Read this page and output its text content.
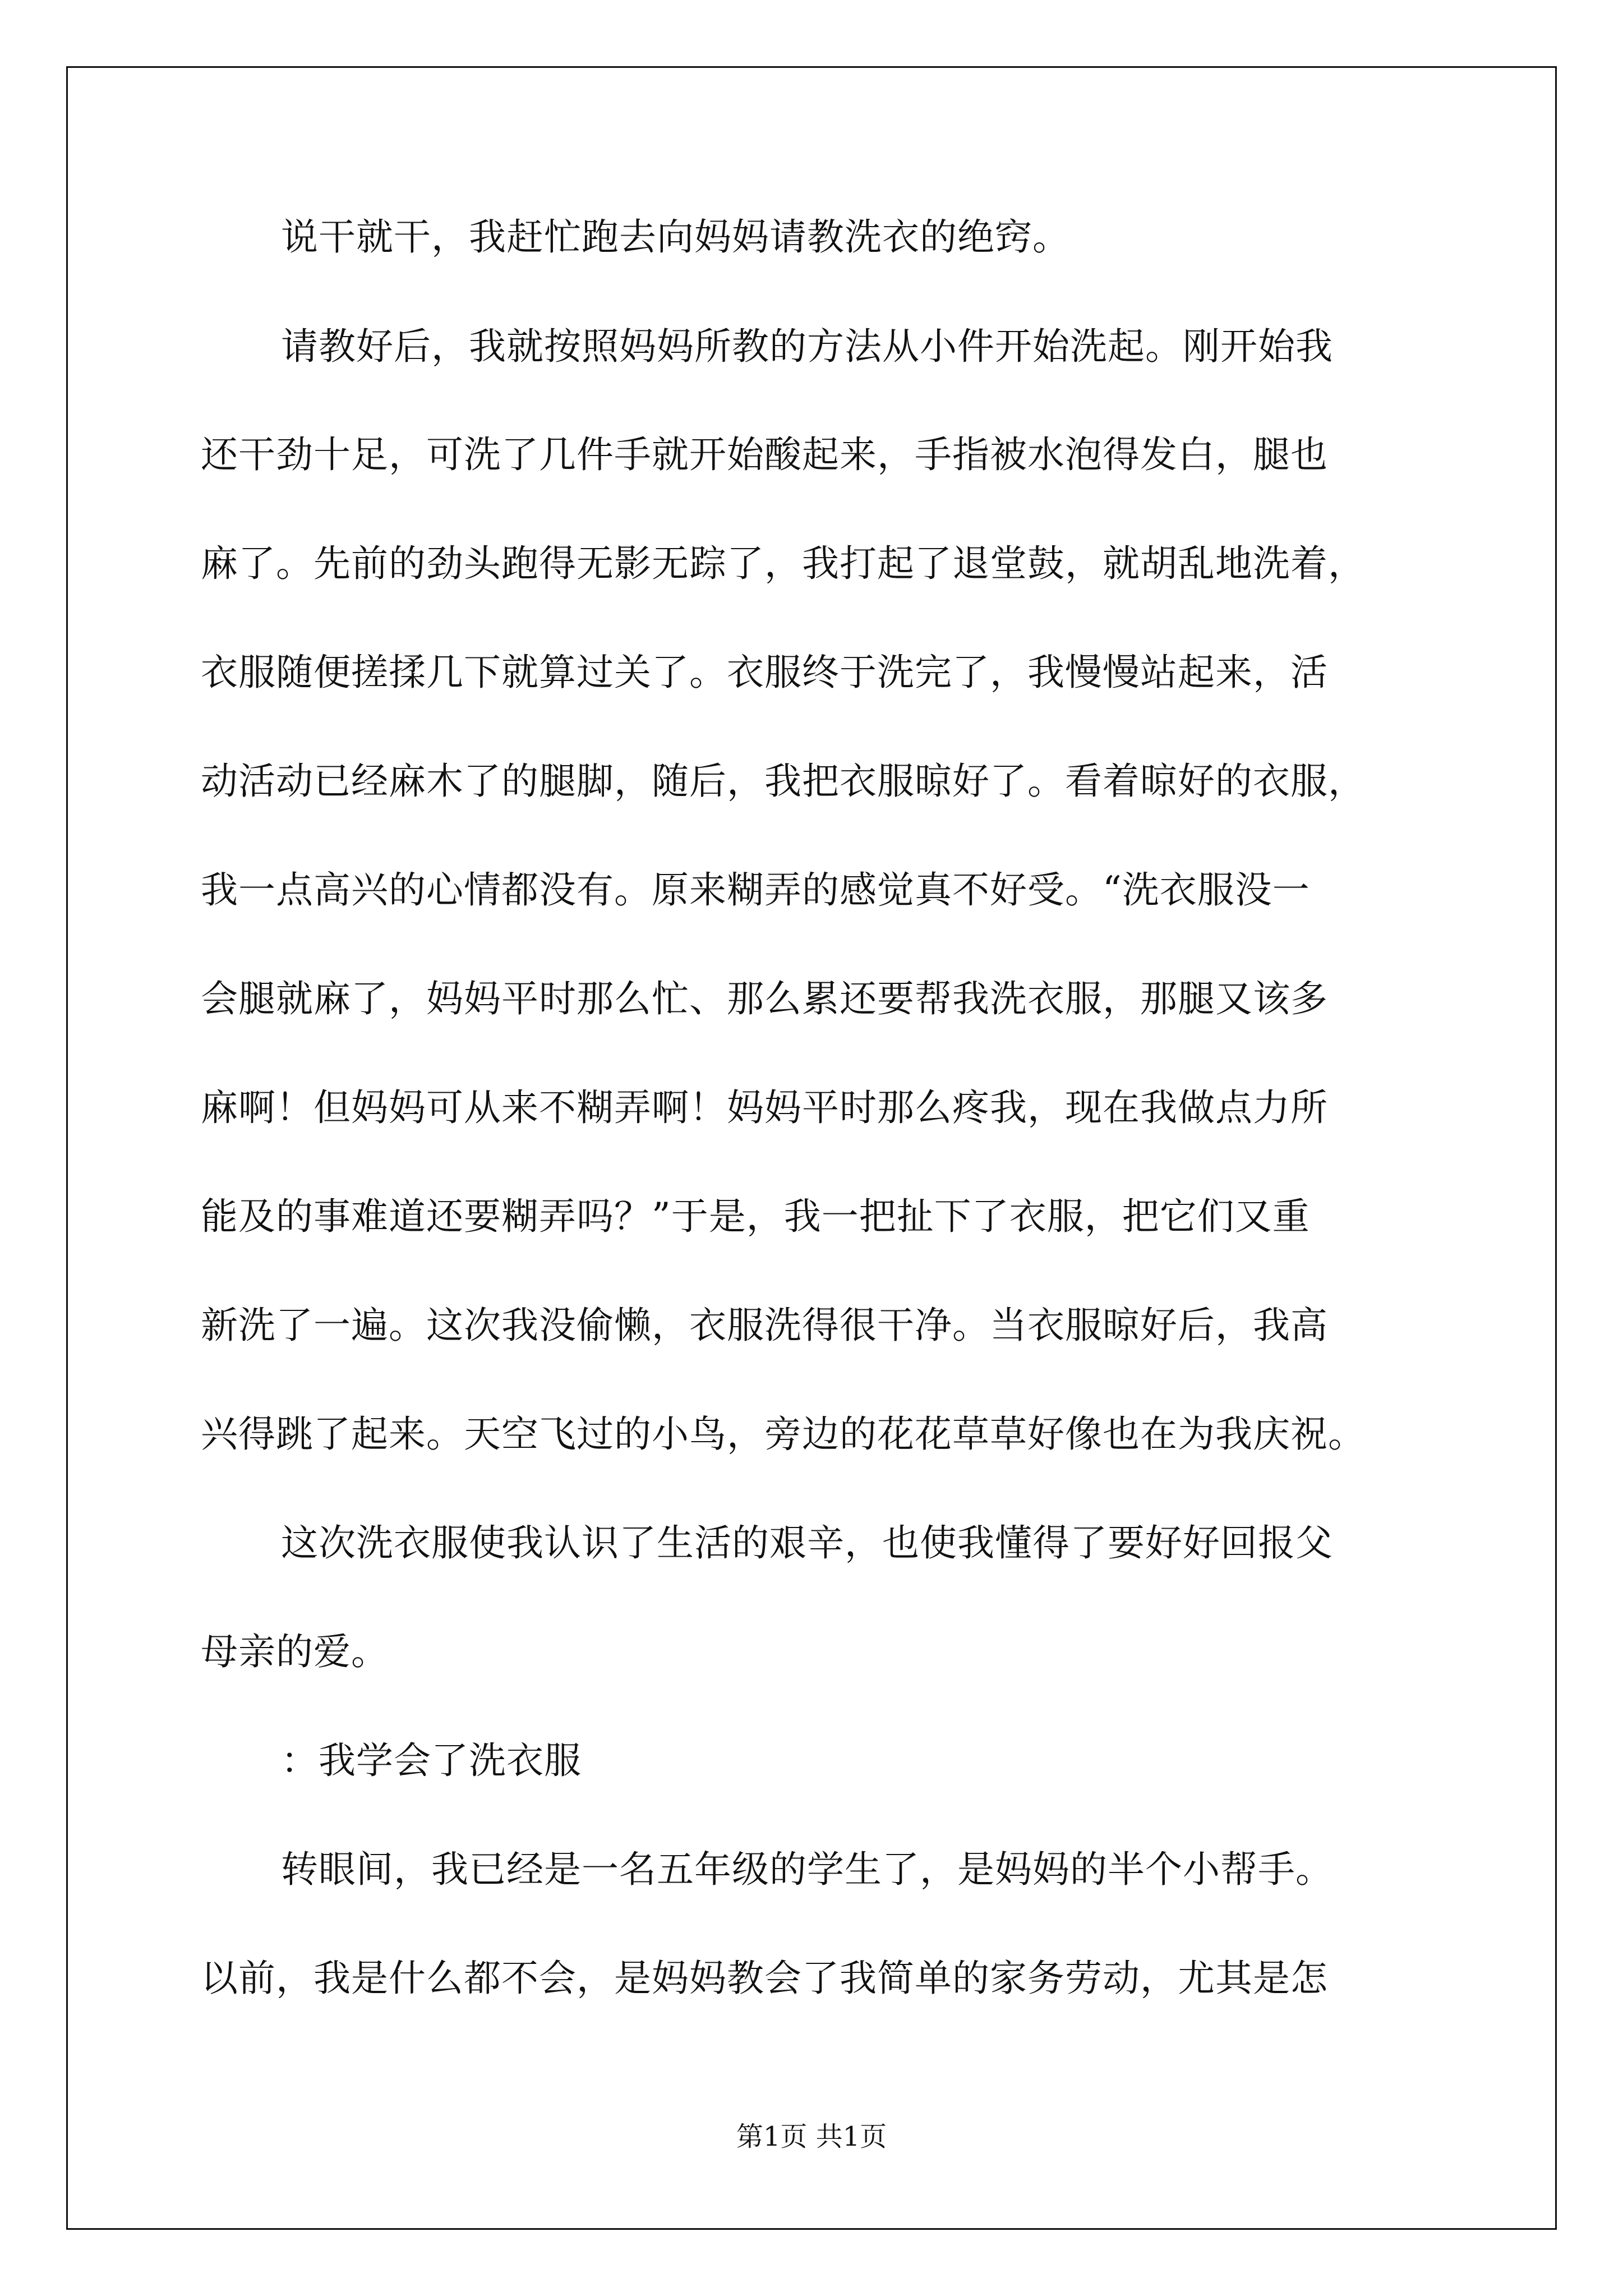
说干就干，我赶忙跑去向妈妈请教洗衣的绝窍。
请教好后，我就按照妈妈所教的方法从小件开始洗起。刚开始我
还干劲十足，可洗了几件手就开始酸起来，手指被水泡得发白，腿也
麻了。先前的劲头跑得无影无踪了，我打起了退堂鼓，就胡乱地洗着，
衣服随便搓揉几下就算过关了。衣服终于洗完了，我慢慢站起来，活
动活动已经麻木了的腿脚，随后，我把衣服晾好了。看着晾好的衣服，
我一点高兴的心情都没有。原来糊弄的感觉真不好受。“洗衣服没一
会腿就麻了，妈妈平时那么忙、那么累还要帮我洗衣服，那腿又该多
麻啊！但妈妈可从来不糊弄啊！妈妈平时那么疼我，现在我做点力所
能及的事难道还要糊弄吗？”于是，我一把扯下了衣服，把它们又重
新洗了一遍。这次我没偷懒，衣服洗得很干净。当衣服晾好后，我高
兴得跳了起来。天空飞过的小鸟，旁边的花花草草好像也在为我庆祝。
这次洗衣服使我认识了生活的艰辛，也使我懂得了要好好回报父
母亲的爱。
：我学会了洗衣服
转眼间，我已经是一名五年级的学生了，是妈妈的半个小帮手。
以前，我是什么都不会，是妈妈教会了我简单的家务劳动，尤其是怎
第1页 共1页
